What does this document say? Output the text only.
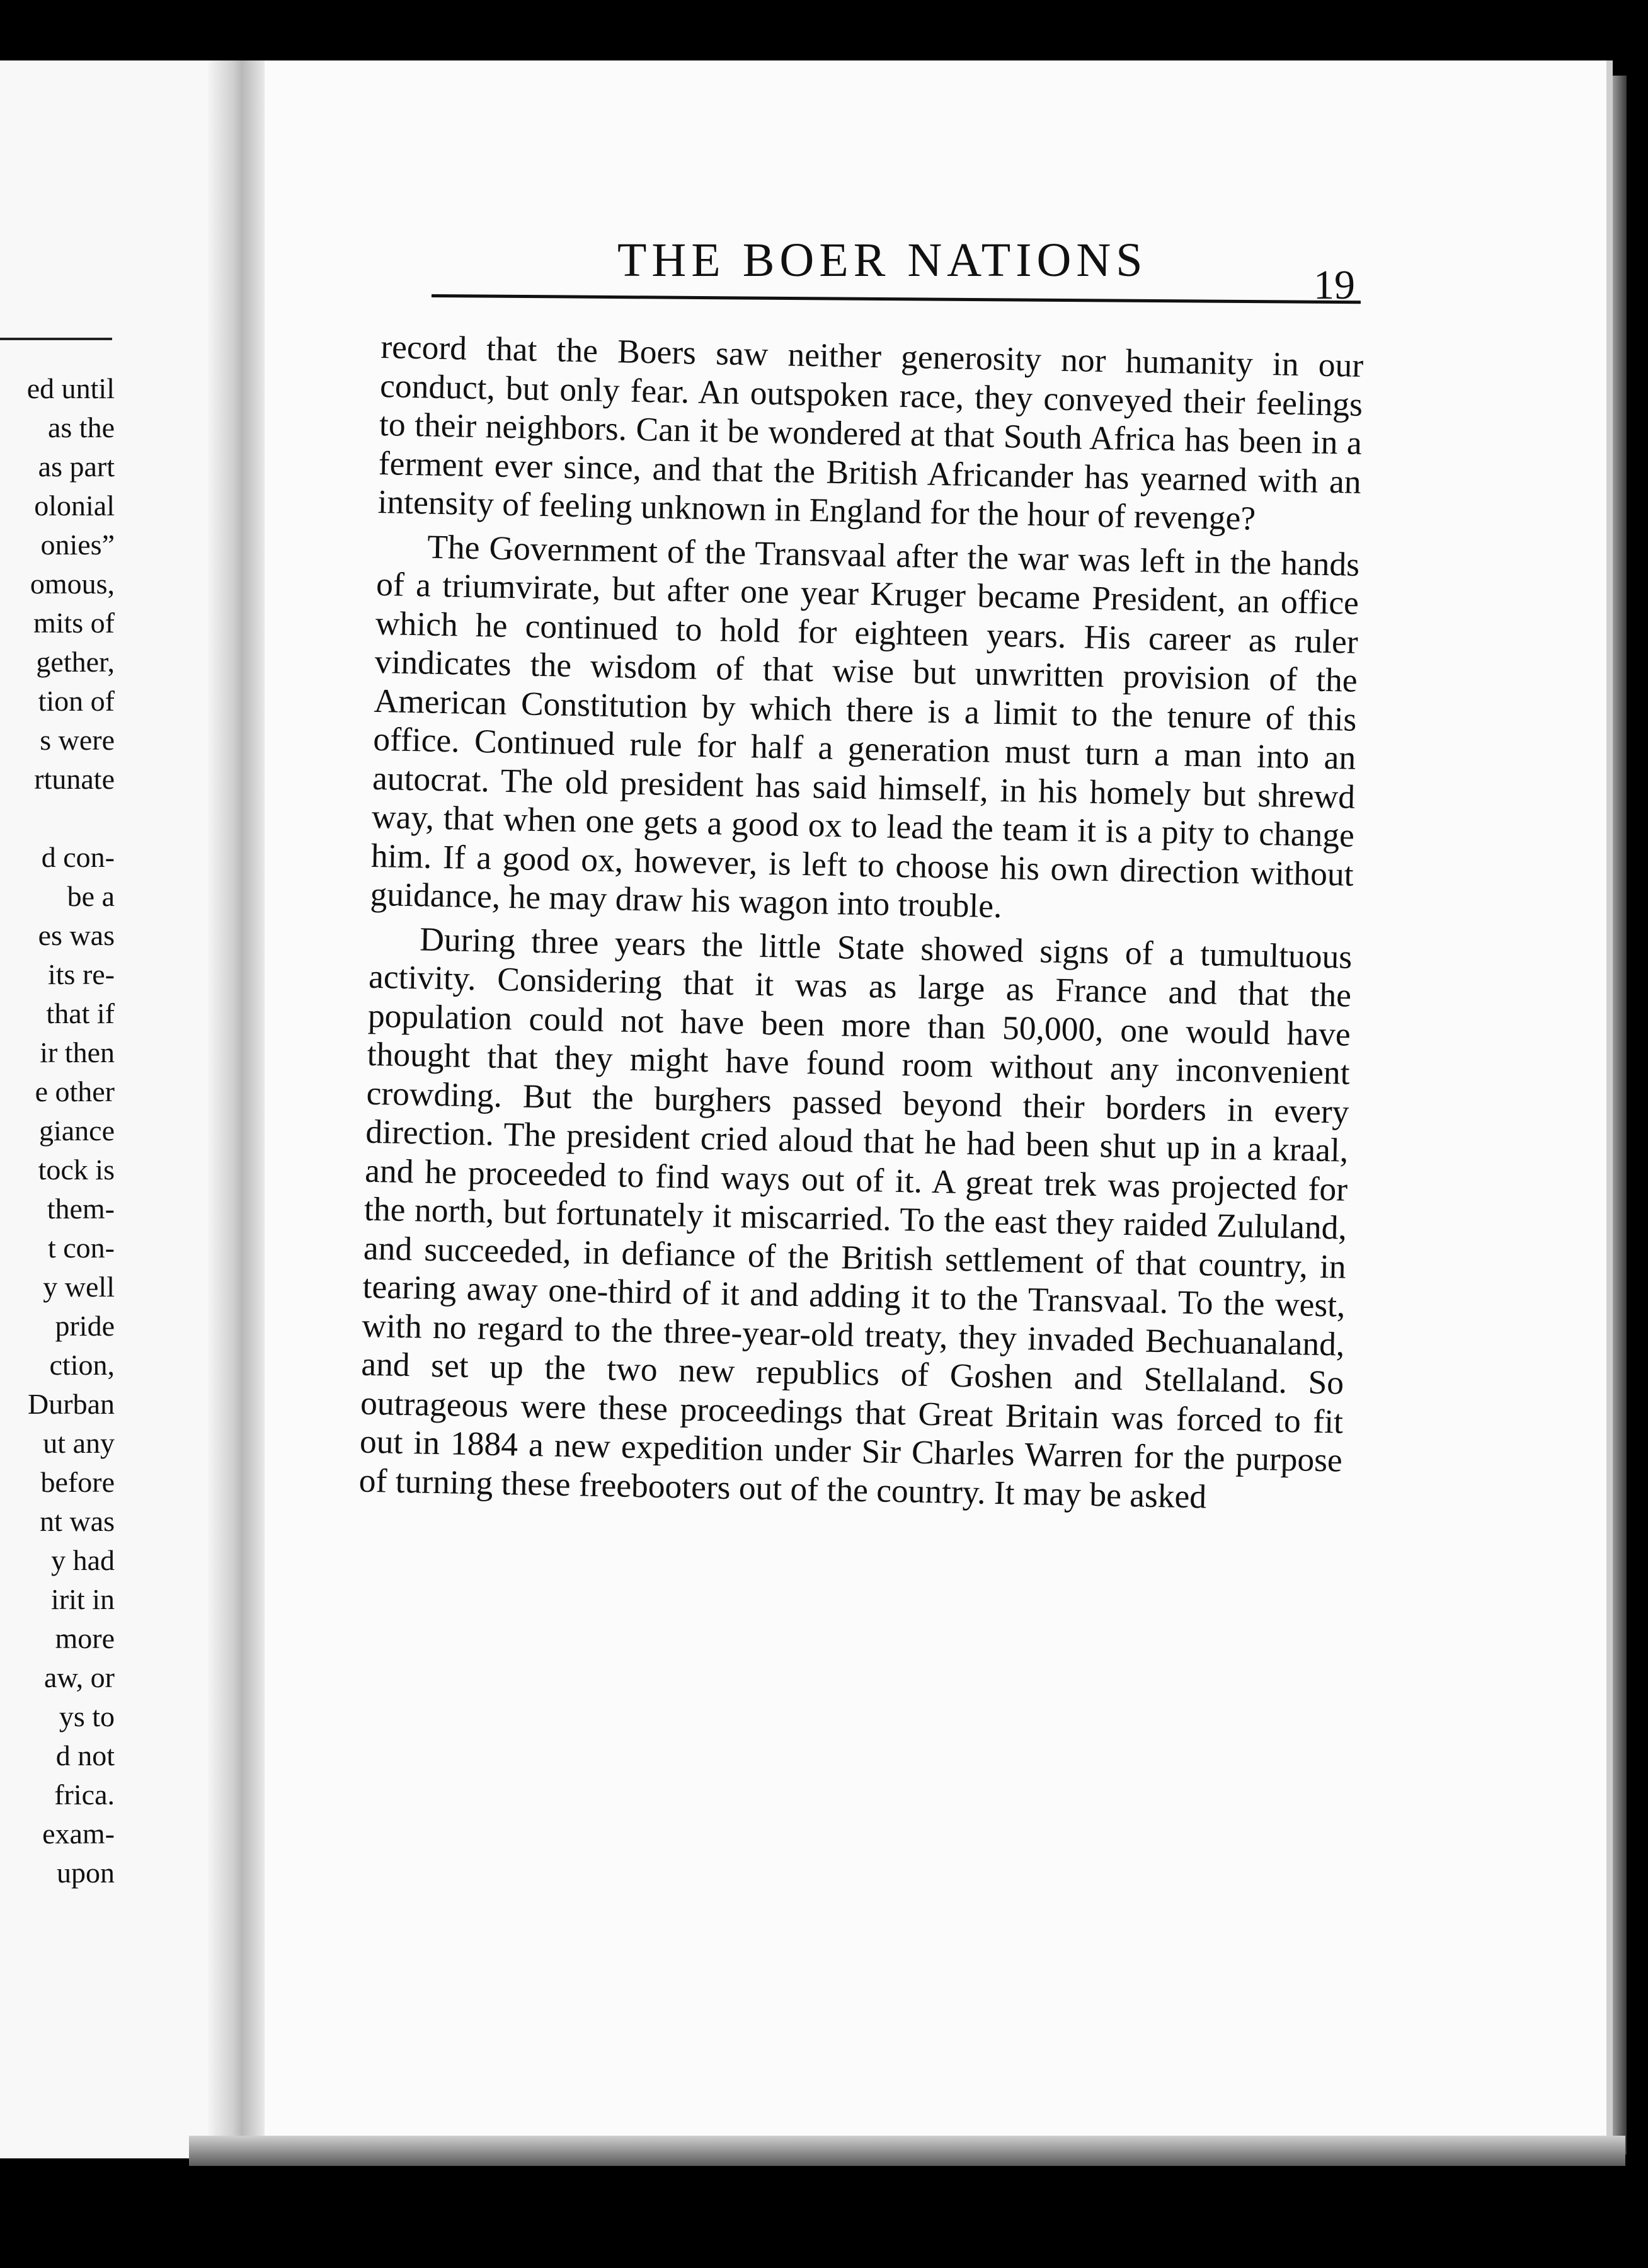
ed until
as the
as part
olonial
onies”
omous,
mits of
gether,
tion of
s were
rtunate
d con-
be a
es was
its re-
that if
ir then
e other
giance
tock is
them-
t con-
y well
pride
ction,
Durban
ut any
before
nt was
y had
irit in
more
aw, or
ys to
d not
frica.
exam-
upon
THE BOER NATIONS	19

record that the Boers saw neither generosity nor humanity in our conduct, but only fear. An outspoken race, they conveyed their feelings to their neighbors. Can it be wondered at that South Africa has been in a ferment ever since, and that the British Africander has yearned with an intensity of feeling unknown in England for the hour of revenge?

The Government of the Transvaal after the war was left in the hands of a triumvirate, but after one year Kruger became President, an office which he continued to hold for eighteen years. His career as ruler vindicates the wisdom of that wise but unwritten provision of the American Constitution by which there is a limit to the tenure of this office. Continued rule for half a generation must turn a man into an autocrat. The old president has said himself, in his homely but shrewd way, that when one gets a good ox to lead the team it is a pity to change him. If a good ox, however, is left to choose his own direction without guidance, he may draw his wagon into trouble.

During three years the little State showed signs of a tumultuous activity. Considering that it was as large as France and that the population could not have been more than 50,000, one would have thought that they might have found room without any inconvenient crowding. But the burghers passed beyond their borders in every direction. The president cried aloud that he had been shut up in a kraal, and he proceeded to find ways out of it. A great trek was projected for the north, but fortunately it miscarried. To the east they raided Zululand, and succeeded, in defiance of the British settlement of that country, in tearing away one-third of it and adding it to the Transvaal. To the west, with no regard to the three-year-old treaty, they invaded Bechuanaland, and set up the two new republics of Goshen and Stellaland. So outrageous were these proceedings that Great Britain was forced to fit out in 1884 a new expedition under Sir Charles Warren for the purpose of turning these freebooters out of the country. It may be asked
